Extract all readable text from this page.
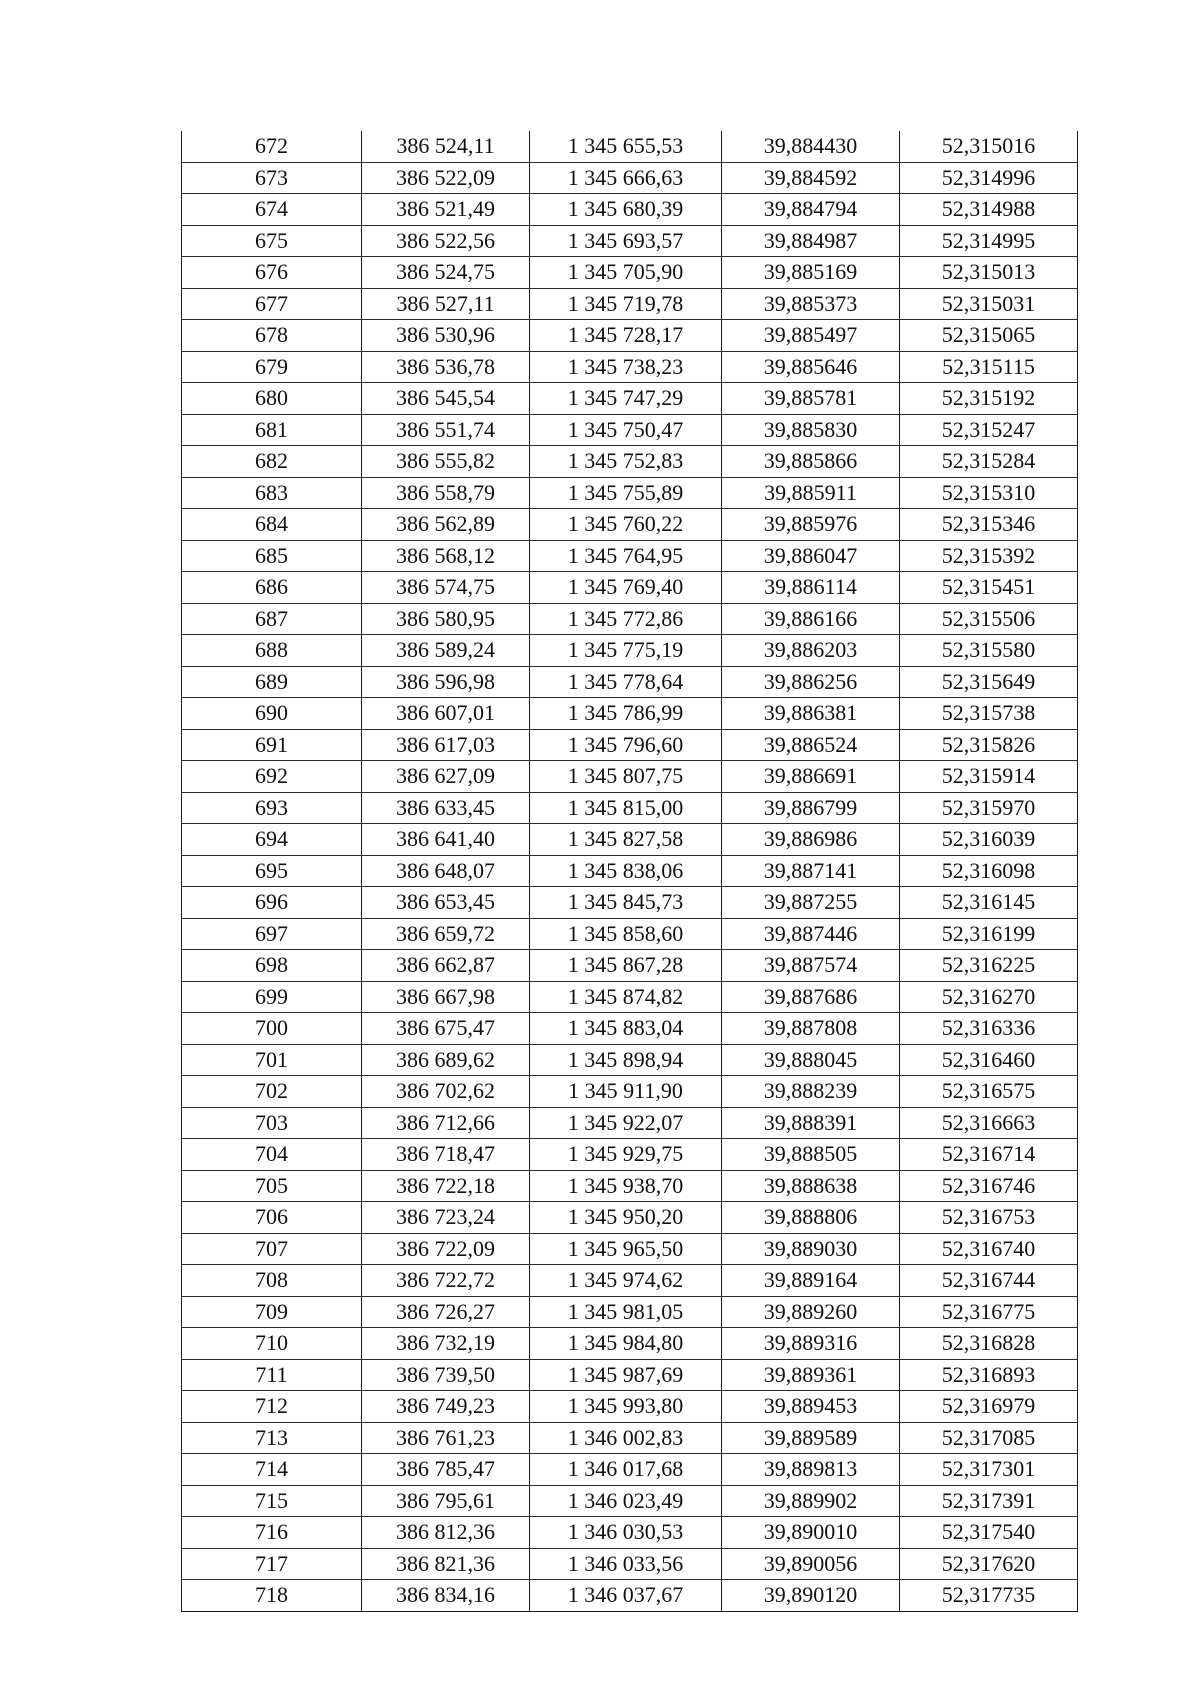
672	386 524,11	1 345 655,53	39,884430	52,315016
673	386 522,09	1 345 666,63	39,884592	52,314996
674	386 521,49	1 345 680,39	39,884794	52,314988
675	386 522,56	1 345 693,57	39,884987	52,314995
676	386 524,75	1 345 705,90	39,885169	52,315013
677	386 527,11	1 345 719,78	39,885373	52,315031
678	386 530,96	1 345 728,17	39,885497	52,315065
679	386 536,78	1 345 738,23	39,885646	52,315115
680	386 545,54	1 345 747,29	39,885781	52,315192
681	386 551,74	1 345 750,47	39,885830	52,315247
682	386 555,82	1 345 752,83	39,885866	52,315284
683	386 558,79	1 345 755,89	39,885911	52,315310
684	386 562,89	1 345 760,22	39,885976	52,315346
685	386 568,12	1 345 764,95	39,886047	52,315392
686	386 574,75	1 345 769,40	39,886114	52,315451
687	386 580,95	1 345 772,86	39,886166	52,315506
688	386 589,24	1 345 775,19	39,886203	52,315580
689	386 596,98	1 345 778,64	39,886256	52,315649
690	386 607,01	1 345 786,99	39,886381	52,315738
691	386 617,03	1 345 796,60	39,886524	52,315826
692	386 627,09	1 345 807,75	39,886691	52,315914
693	386 633,45	1 345 815,00	39,886799	52,315970
694	386 641,40	1 345 827,58	39,886986	52,316039
695	386 648,07	1 345 838,06	39,887141	52,316098
696	386 653,45	1 345 845,73	39,887255	52,316145
697	386 659,72	1 345 858,60	39,887446	52,316199
698	386 662,87	1 345 867,28	39,887574	52,316225
699	386 667,98	1 345 874,82	39,887686	52,316270
700	386 675,47	1 345 883,04	39,887808	52,316336
701	386 689,62	1 345 898,94	39,888045	52,316460
702	386 702,62	1 345 911,90	39,888239	52,316575
703	386 712,66	1 345 922,07	39,888391	52,316663
704	386 718,47	1 345 929,75	39,888505	52,316714
705	386 722,18	1 345 938,70	39,888638	52,316746
706	386 723,24	1 345 950,20	39,888806	52,316753
707	386 722,09	1 345 965,50	39,889030	52,316740
708	386 722,72	1 345 974,62	39,889164	52,316744
709	386 726,27	1 345 981,05	39,889260	52,316775
710	386 732,19	1 345 984,80	39,889316	52,316828
711	386 739,50	1 345 987,69	39,889361	52,316893
712	386 749,23	1 345 993,80	39,889453	52,316979
713	386 761,23	1 346 002,83	39,889589	52,317085
714	386 785,47	1 346 017,68	39,889813	52,317301
715	386 795,61	1 346 023,49	39,889902	52,317391
716	386 812,36	1 346 030,53	39,890010	52,317540
717	386 821,36	1 346 033,56	39,890056	52,317620
718	386 834,16	1 346 037,67	39,890120	52,317735
